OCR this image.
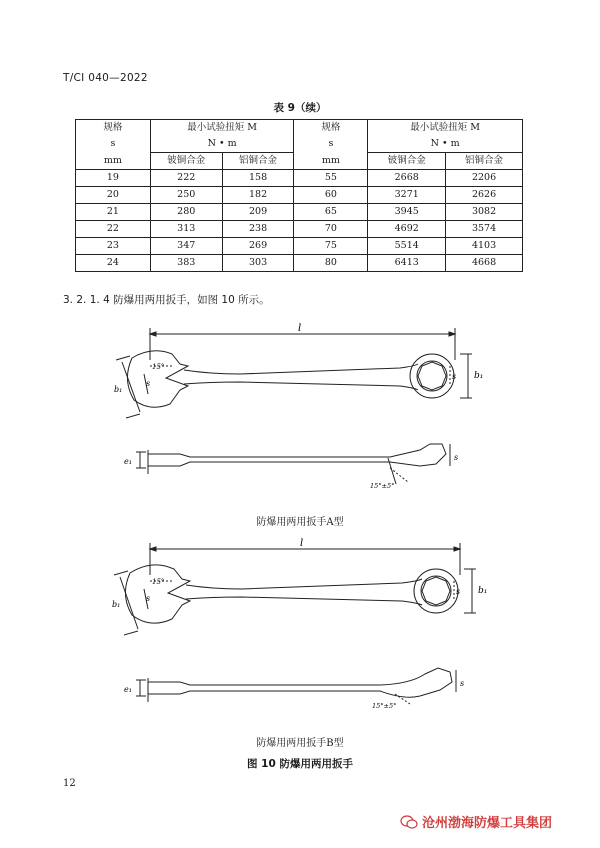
T/CI 040—2022
表 9（续）
规格	最小试验扭矩 M		规格	最小试验扭矩 M	
s	N • m		s	N • m	
mm	铍铜合金	铝铜合金	mm	铍铜合金	铝铜合金
19	222	158	55	2668	2206
20	250	182	60	3271	2626
21	280	209	65	3945	3082
22	313	238	70	4692	3574
23	347	269	75	5514	4103
24	383	303	80	6413	4668
3. 2. 1. 4 防爆用两用扳手，如图 10 所示。
l
b₁
s
s
15°
b₁
e₁	s
15°±5°
防爆用两用扳手A型
l
b₁
s
s
15°
b₁
e₁
s
15°±5°
防爆用两用扳手B型
图 10 防爆用两用扳手
12
沧州渤海防爆工具集团
